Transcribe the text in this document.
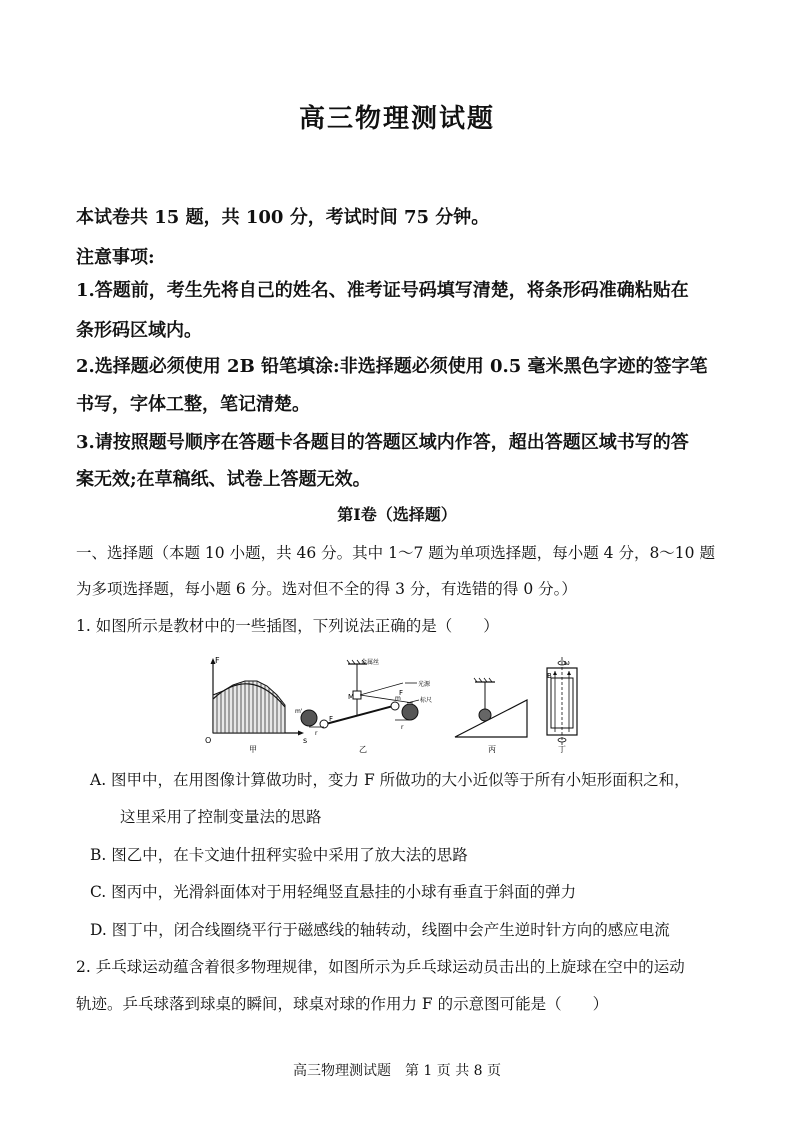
高三物理测试题
本试卷共 15 题，共 100 分，考试时间 75 分钟。
注意事项:
1.答题前，考生先将自己的姓名、准考证号码填写清楚，将条形码准确粘贴在
条形码区域内。
2.选择题必须使用 2B 铅笔填涂:非选择题必须使用 0.5 毫米黑色字迹的签字笔
书写，字体工整，笔记清楚。
3.请按照题号顺序在答题卡各题目的答题区域内作答，超出答题区域书写的答
案无效;在草稿纸、试卷上答题无效。
第Ⅰ卷（选择题）
一、选择题（本题 10 小题，共 46 分。其中 1～7 题为单项选择题，每小题 4 分，8～10 题
为多项选择题，每小题 6 分。选对但不全的得 3 分，有选错的得 0 分。）
1. 如图所示是教材中的一些插图，下列说法正确的是（　　）
F
O	s
甲
金属丝
光源
标尺
M
m'
m
F
F
r
r
乙	丙
B
ω
丁
A. 图甲中，在用图像计算做功时，变力 F 所做功的大小近似等于所有小矩形面积之和，
这里采用了控制变量法的思路
B. 图乙中，在卡文迪什扭秤实验中采用了放大法的思路
C. 图丙中，光滑斜面体对于用轻绳竖直悬挂的小球有垂直于斜面的弹力
D. 图丁中，闭合线圈绕平行于磁感线的轴转动，线圈中会产生逆时针方向的感应电流
2. 乒乓球运动蕴含着很多物理规律，如图所示为乒乓球运动员击出的上旋球在空中的运动
轨迹。乒乓球落到球桌的瞬间，球桌对球的作用力 F 的示意图可能是（　　）
高三物理测试题　第 1 页 共 8 页
